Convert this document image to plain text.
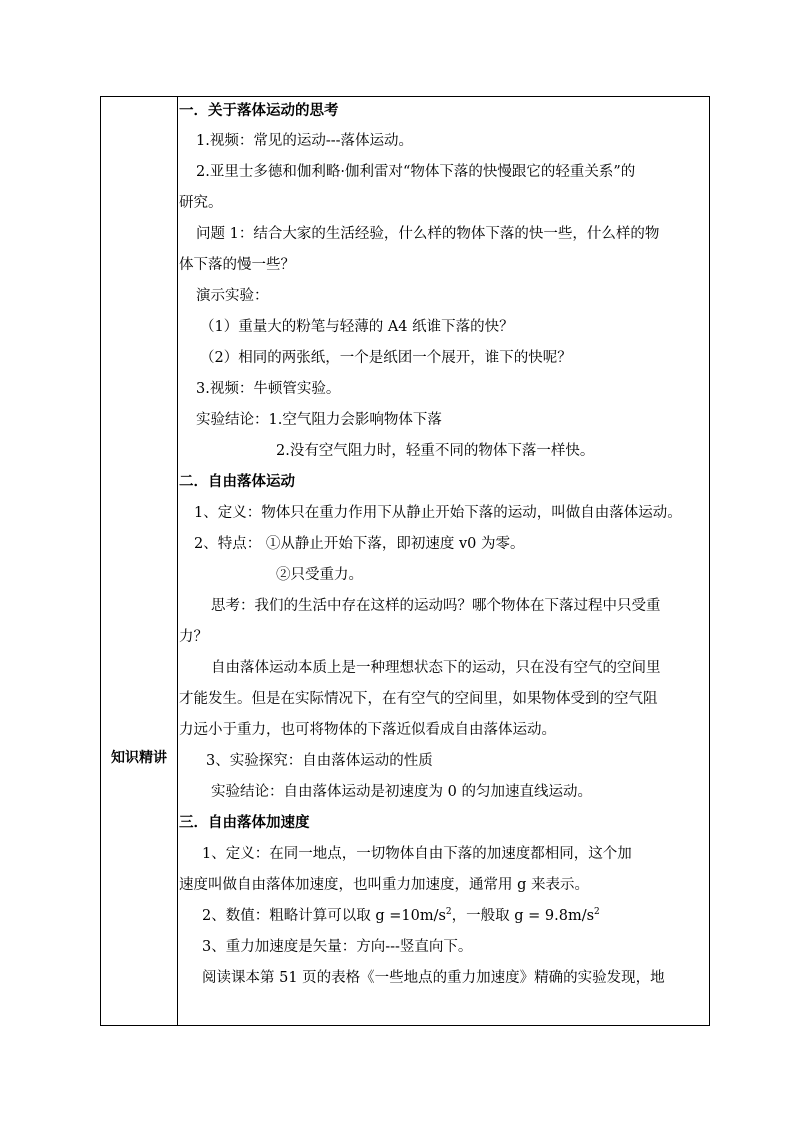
知识精讲
一．关于落体运动的思考
1.视频：常见的运动---落体运动。
2.亚里士多德和伽利略·伽利雷对“物体下落的快慢跟它的轻重关系”的
研究。
问题 1：结合大家的生活经验，什么样的物体下落的快一些，什么样的物
体下落的慢一些？
演示实验：
（1）重量大的粉笔与轻薄的 A4 纸谁下落的快？
（2）相同的两张纸，一个是纸团一个展开，谁下的快呢？
3.视频：牛顿管实验。
实验结论：1.空气阻力会影响物体下落
2.没有空气阻力时，轻重不同的物体下落一样快。
二．自由落体运动
1、定义：物体只在重力作用下从静止开始下落的运动，叫做自由落体运动。
2、特点： ①从静止开始下落，即初速度 v0 为零。
②只受重力。
思考：我们的生活中存在这样的运动吗？哪个物体在下落过程中只受重
力？
自由落体运动本质上是一种理想状态下的运动，只在没有空气的空间里
才能发生。但是在实际情况下，在有空气的空间里，如果物体受到的空气阻
力远小于重力，也可将物体的下落近似看成自由落体运动。
3、实验探究：自由落体运动的性质
实验结论：自由落体运动是初速度为 0 的匀加速直线运动。
三．自由落体加速度
1、定义：在同一地点，一切物体自由下落的加速度都相同，这个加
速度叫做自由落体加速度，也叫重力加速度，通常用 g 来表示。
2、数值：粗略计算可以取 $g =10m/s^2$，一般取 $g = 9.8m/s^2$
3、重力加速度是矢量：方向---竖直向下。
阅读课本第 51 页的表格《一些地点的重力加速度》精确的实验发现，地
